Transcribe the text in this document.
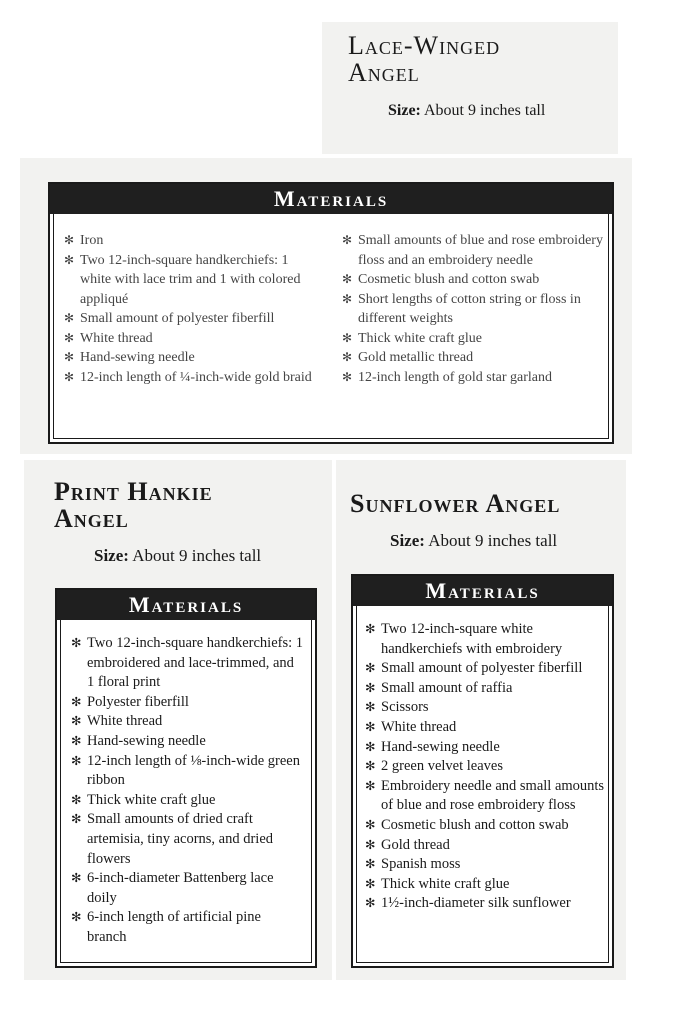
Lace-Winged
Angel
Size: About 9 inches tall
Materials
✻ Iron
✻ Two 12-inch-square handkerchiefs: 1 white with lace trim and 1 with colored appliqué
✻ Small amount of polyester fiberfill
✻ White thread
✻ Hand-sewing needle
✻ 12-inch length of ¼-inch-wide gold braid
✻ Small amounts of blue and rose embroidery floss and an embroidery needle
✻ Cosmetic blush and cotton swab
✻ Short lengths of cotton string or floss in different weights
✻ Thick white craft glue
✻ Gold metallic thread
✻ 12-inch length of gold star garland
Print Hankie
Angel
Size: About 9 inches tall
Materials
✻ Two 12-inch-square handkerchiefs: 1 embroidered and lace-trimmed, and 1 floral print
✻ Polyester fiberfill
✻ White thread
✻ Hand-sewing needle
✻ 12-inch length of ⅛-inch-wide green ribbon
✻ Thick white craft glue
✻ Small amounts of dried craft artemisia, tiny acorns, and dried flowers
✻ 6-inch-diameter Battenberg lace doily
✻ 6-inch length of artificial pine branch
Sunflower Angel
Size: About 9 inches tall
Materials
✻ Two 12-inch-square white handkerchiefs with embroidery
✻ Small amount of polyester fiberfill
✻ Small amount of raffia
✻ Scissors
✻ White thread
✻ Hand-sewing needle
✻ 2 green velvet leaves
✻ Embroidery needle and small amounts of blue and rose embroidery floss
✻ Cosmetic blush and cotton swab
✻ Gold thread
✻ Spanish moss
✻ Thick white craft glue
✻ 1½-inch-diameter silk sunflower
